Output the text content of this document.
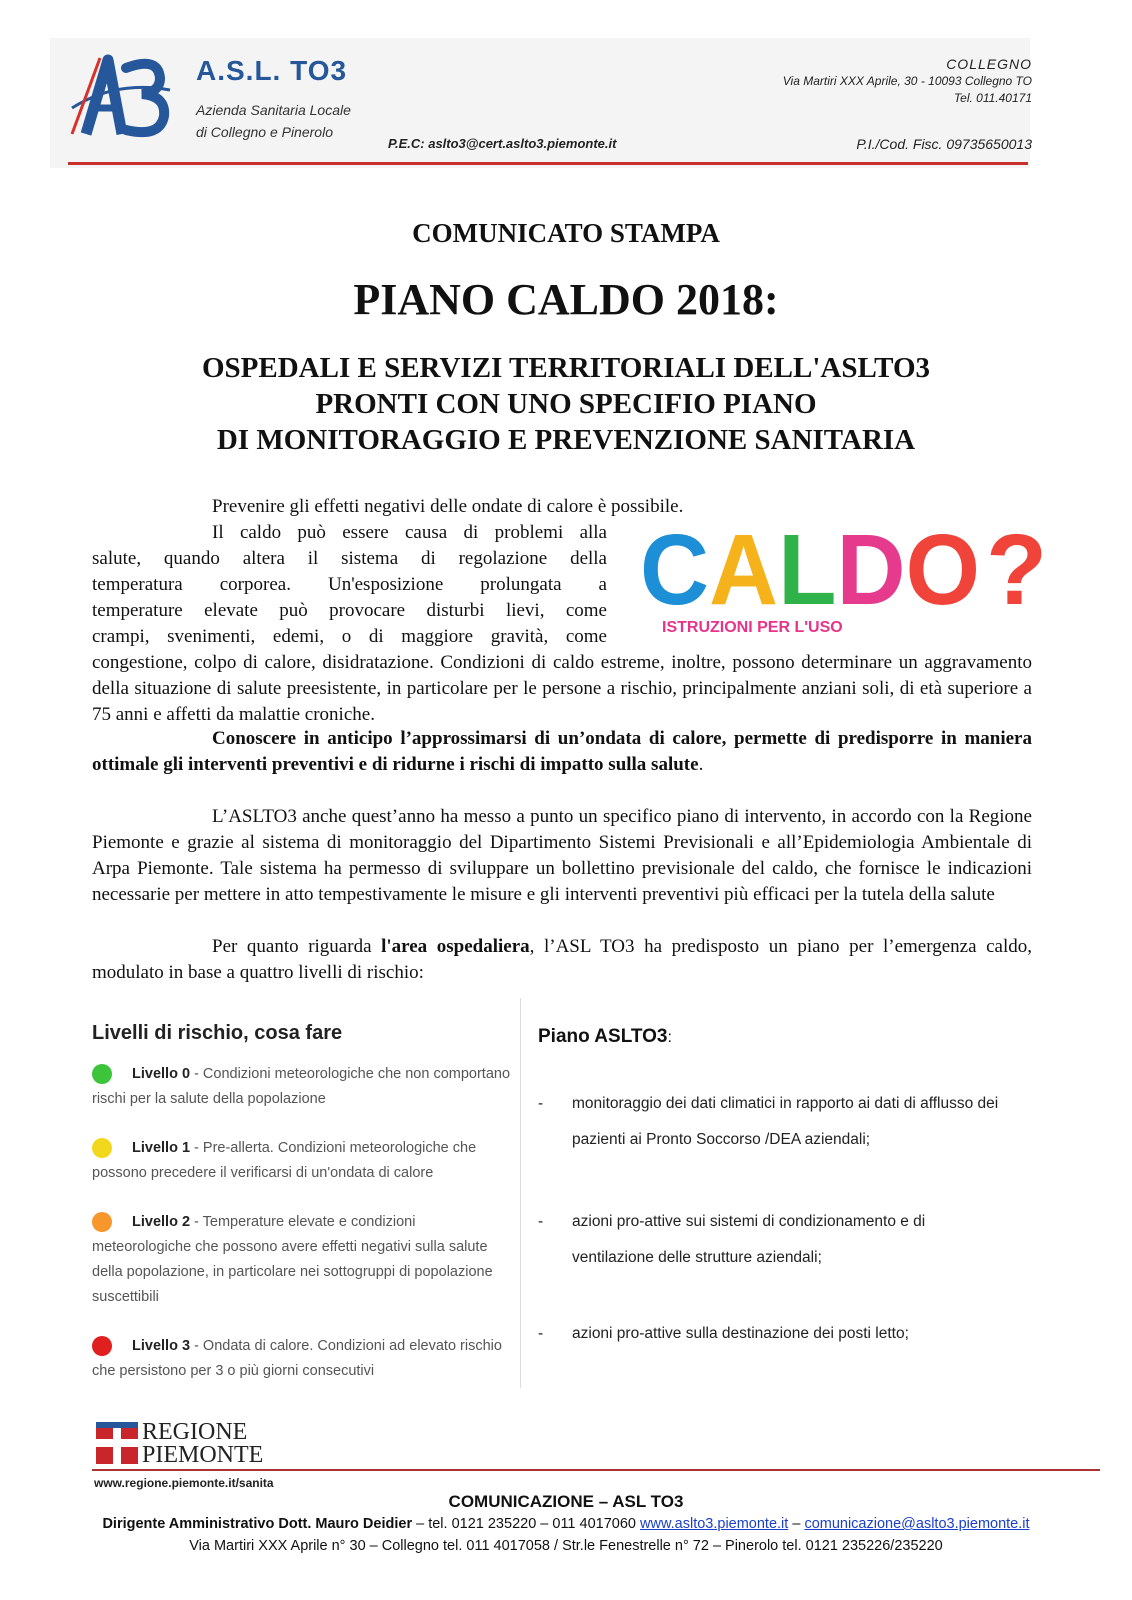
A.S.L. TO3
Azienda Sanitaria Locale
di Collegno e Pinerolo
P.E.C: aslto3@cert.aslto3.piemonte.it
COLLEGNO
Via Martiri XXX Aprile, 30 - 10093 Collegno TO
Tel. 011.40171
P.I./Cod. Fisc. 09735650013
COMUNICATO STAMPA
PIANO CALDO 2018:
OSPEDALI E SERVIZI TERRITORIALI DELL'ASLTO3
PRONTI CON UNO SPECIFIO PIANO
DI MONITORAGGIO E PREVENZIONE SANITARIA
Prevenire gli effetti negativi delle ondate di calore è possibile.
Il caldo può essere causa di problemi alla
salute, quando altera il sistema di regolazione della
temperatura corporea. Un'esposizione prolungata a
temperature elevate può provocare disturbi lievi, come
crampi, svenimenti, edemi, o di maggiore gravità, come
congestione, colpo di calore, disidratazione. Condizioni di caldo estreme, inoltre, possono determinare un aggravamento della situazione di salute preesistente, in particolare per le persone a rischio, principalmente anziani soli, di età superiore a 75 anni e affetti da malattie croniche.
CALDO ?
ISTRUZIONI PER L'USO
Conoscere in anticipo l’approssimarsi di un’ondata di calore, permette di predisporre in maniera ottimale gli interventi preventivi e di ridurne i rischi di impatto sulla salute.
L’ASLTO3 anche quest’anno ha messo a punto un specifico piano di intervento, in accordo con la Regione Piemonte e grazie al sistema di monitoraggio del Dipartimento Sistemi Previsionali e all’Epidemiologia Ambientale di Arpa Piemonte. Tale sistema ha permesso di sviluppare un bollettino previsionale del caldo, che fornisce le indicazioni necessarie per mettere in atto tempestivamente le misure e gli interventi preventivi più efficaci per la tutela della salute
Per quanto riguarda l'area ospedaliera, l’ASL TO3 ha predisposto un piano per l’emergenza caldo, modulato in base a quattro livelli di rischio:
Livelli di rischio, cosa fare
Livello 0 - Condizioni meteorologiche che non comportano rischi per la salute della popolazione
Livello 1 - Pre-allerta. Condizioni meteorologiche che possono precedere il verificarsi di un'ondata di calore
Livello 2 - Temperature elevate e condizioni meteorologiche che possono avere effetti negativi sulla salute della popolazione, in particolare nei sottogruppi di popolazione suscettibili
Livello 3 - Ondata di calore. Condizioni ad elevato rischio che persistono per 3 o più giorni consecutivi
Piano ASLTO3:
- monitoraggio dei dati climatici in rapporto ai dati di afflusso dei pazienti ai Pronto Soccorso /DEA aziendali;
- azioni pro-attive sui sistemi di condizionamento e di ventilazione delle strutture aziendali;
- azioni pro-attive sulla destinazione dei posti letto;
REGIONE
PIEMONTE
www.regione.piemonte.it/sanita
COMUNICAZIONE – ASL TO3
Dirigente Amministrativo Dott. Mauro Deidier – tel. 0121 235220 – 011 4017060 www.aslto3.piemonte.it – comunicazione@aslto3.piemonte.it
Via Martiri XXX Aprile n° 30 – Collegno tel. 011 4017058 / Str.le Fenestrelle n° 72 – Pinerolo tel. 0121 235226/235220
